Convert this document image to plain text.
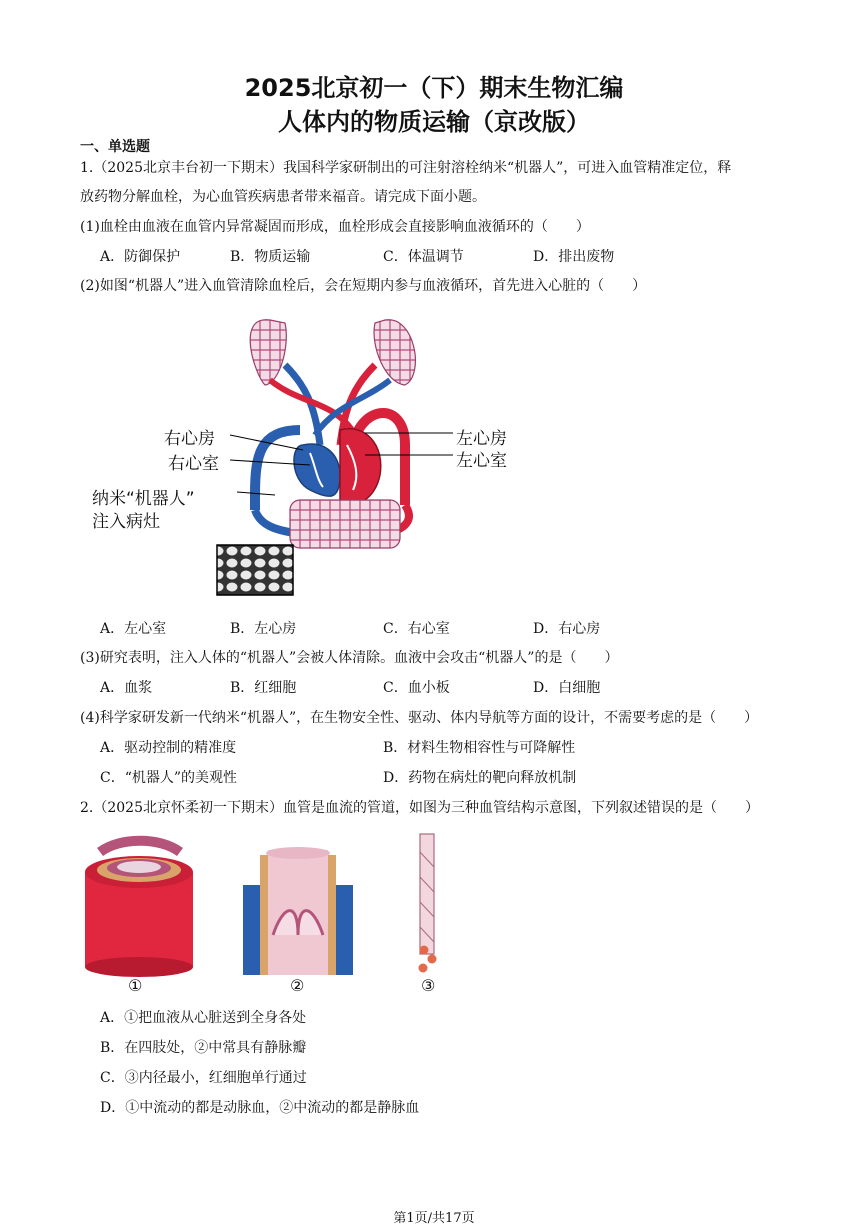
2025北京初一（下）期末生物汇编
人体内的物质运输（京改版）
一、单选题
1.（2025北京丰台初一下期末）我国科学家研制出的可注射溶栓纳米“机器人”，可进入血管精准定位，释
放药物分解血栓，为心血管疾病患者带来福音。请完成下面小题。
(1)血栓由血液在血管内异常凝固而形成，血栓形成会直接影响血液循环的（　　）
A．防御保护	B．物质运输	C．体温调节	D．排出废物
(2)如图“机器人”进入血管清除血栓后，会在短期内参与血液循环，首先进入心脏的（　　）
右心房
右心室
左心房
左心室
纳米“机器人”
注入病灶
A．左心室	B．左心房	C．右心室	D．右心房
(3)研究表明，注入人体的“机器人”会被人体清除。血液中会攻击“机器人”的是（　　）
A．血浆	B．红细胞	C．血小板	D．白细胞
(4)科学家研发新一代纳米“机器人”，在生物安全性、驱动、体内导航等方面的设计，不需要考虑的是（　　）
A．驱动控制的精准度	B．材料生物相容性与可降解性
C．“机器人”的美观性	D．药物在病灶的靶向释放机制
2.（2025北京怀柔初一下期末）血管是血流的管道，如图为三种血管结构示意图，下列叙述错误的是（　　）
①	②	③
A．①把血液从心脏送到全身各处
B．在四肢处，②中常具有静脉瓣
C．③内径最小，红细胞单行通过
D．①中流动的都是动脉血，②中流动的都是静脉血
第1页/共17页
